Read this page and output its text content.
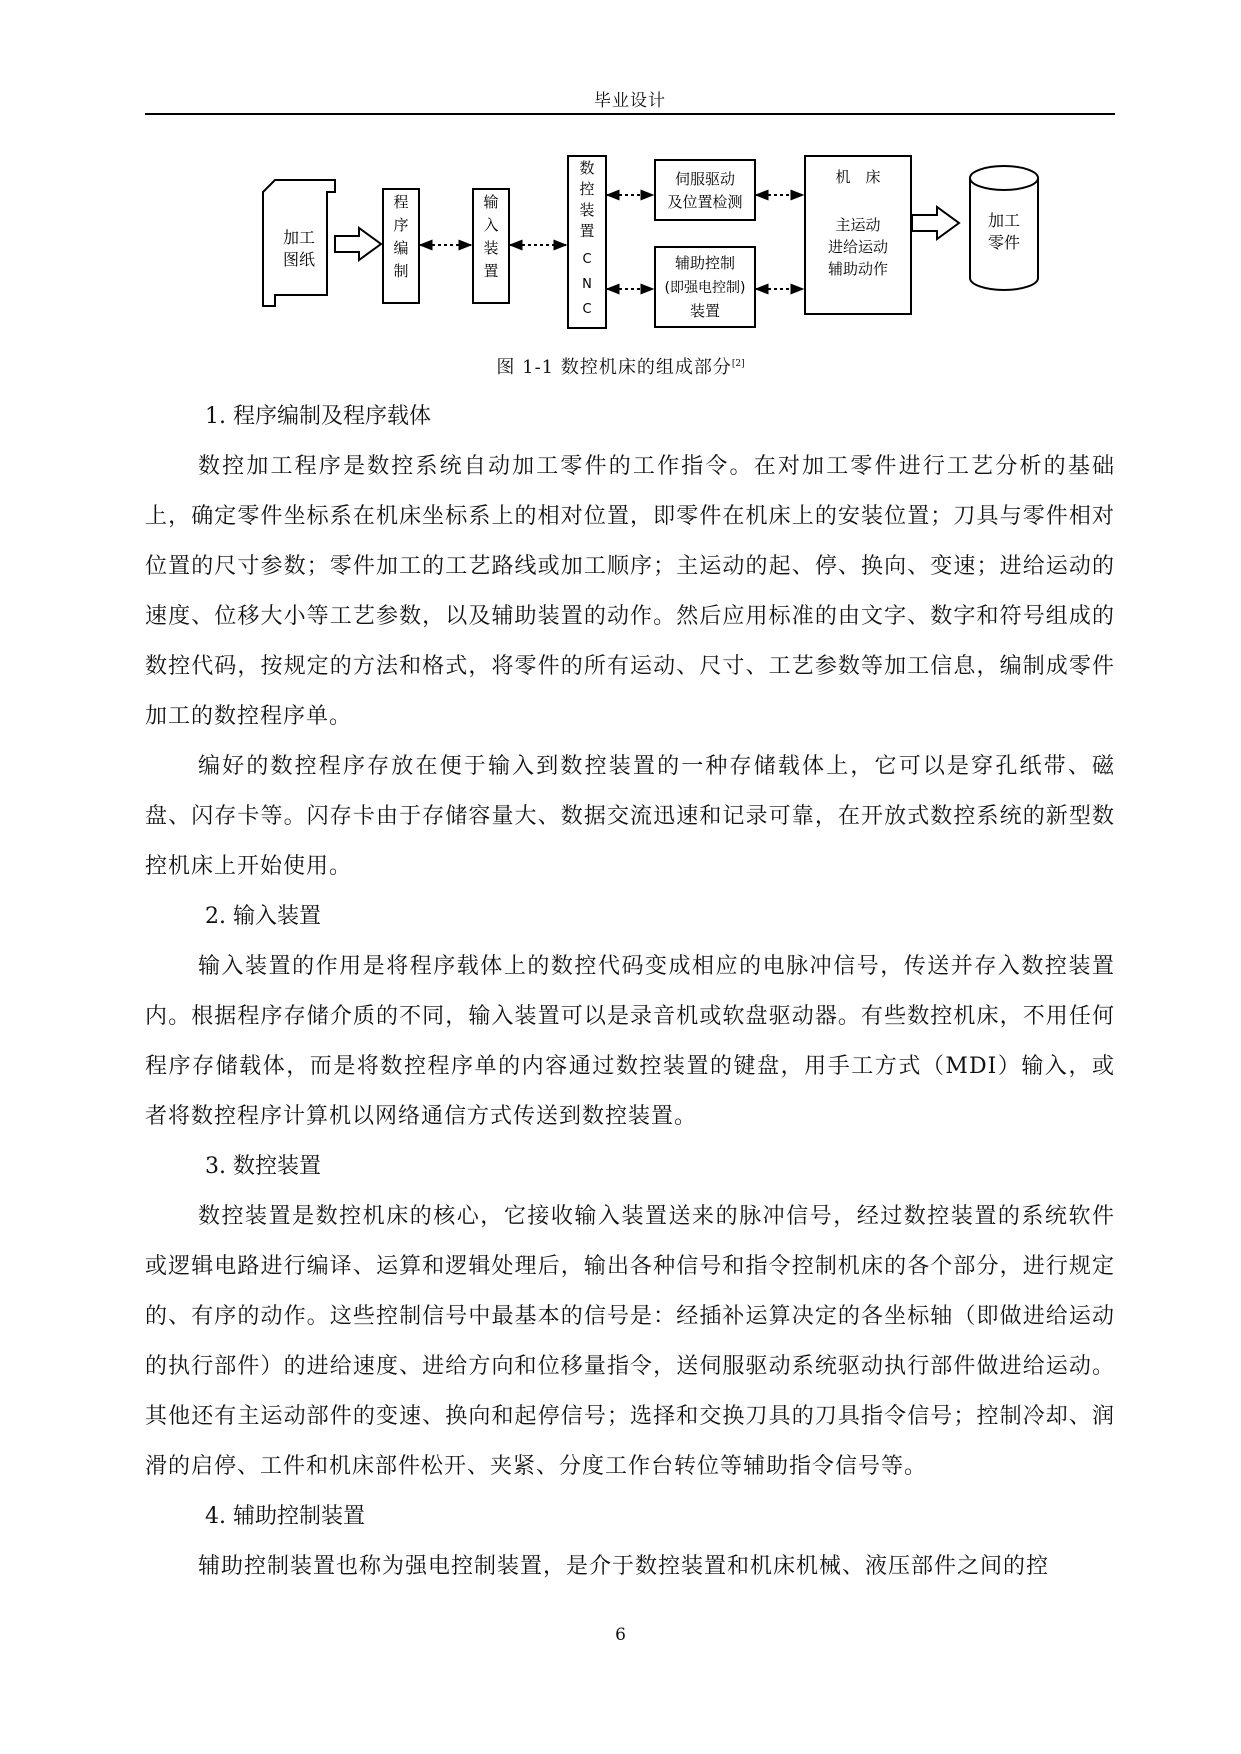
毕业设计
加工
图纸
程
序
编
制
输
入
装
置
数
控
装
置
C
N
C
伺服驱动
及位置检测
辅助控制
(即强电控制)
装置
机　床
主运动
进给运动
辅助动作
加工
零件
图 1-1 数控机床的组成部分[2]
1. 程序编制及程序载体

数控加工程序是数控系统自动加工零件的工作指令。在对加工零件进行工艺分析的基础上，确定零件坐标系在机床坐标系上的相对位置，即零件在机床上的安装位置；刀具与零件相对位置的尺寸参数；零件加工的工艺路线或加工顺序；主运动的起、停、换向、变速；进给运动的速度、位移大小等工艺参数，以及辅助装置的动作。然后应用标准的由文字、数字和符号组成的数控代码，按规定的方法和格式，将零件的所有运动、尺寸、工艺参数等加工信息，编制成零件加工的数控程序单。

编好的数控程序存放在便于输入到数控装置的一种存储载体上，它可以是穿孔纸带、磁盘、闪存卡等。闪存卡由于存储容量大、数据交流迅速和记录可靠，在开放式数控系统的新型数控机床上开始使用。

2. 输入装置

输入装置的作用是将程序载体上的数控代码变成相应的电脉冲信号，传送并存入数控装置内。根据程序存储介质的不同，输入装置可以是录音机或软盘驱动器。有些数控机床，不用任何程序存储载体，而是将数控程序单的内容通过数控装置的键盘，用手工方式（MDI）输入，或者将数控程序计算机以网络通信方式传送到数控装置。

3. 数控装置

数控装置是数控机床的核心，它接收输入装置送来的脉冲信号，经过数控装置的系统软件或逻辑电路进行编译、运算和逻辑处理后，输出各种信号和指令控制机床的各个部分，进行规定的、有序的动作。这些控制信号中最基本的信号是：经插补运算决定的各坐标轴（即做进给运动的执行部件）的进给速度、进给方向和位移量指令，送伺服驱动系统驱动执行部件做进给运动。其他还有主运动部件的变速、换向和起停信号；选择和交换刀具的刀具指令信号；控制冷却、润滑的启停、工件和机床部件松开、夹紧、分度工作台转位等辅助指令信号等。

4. 辅助控制装置

辅助控制装置也称为强电控制装置，是介于数控装置和机床机械、液压部件之间的控

6
